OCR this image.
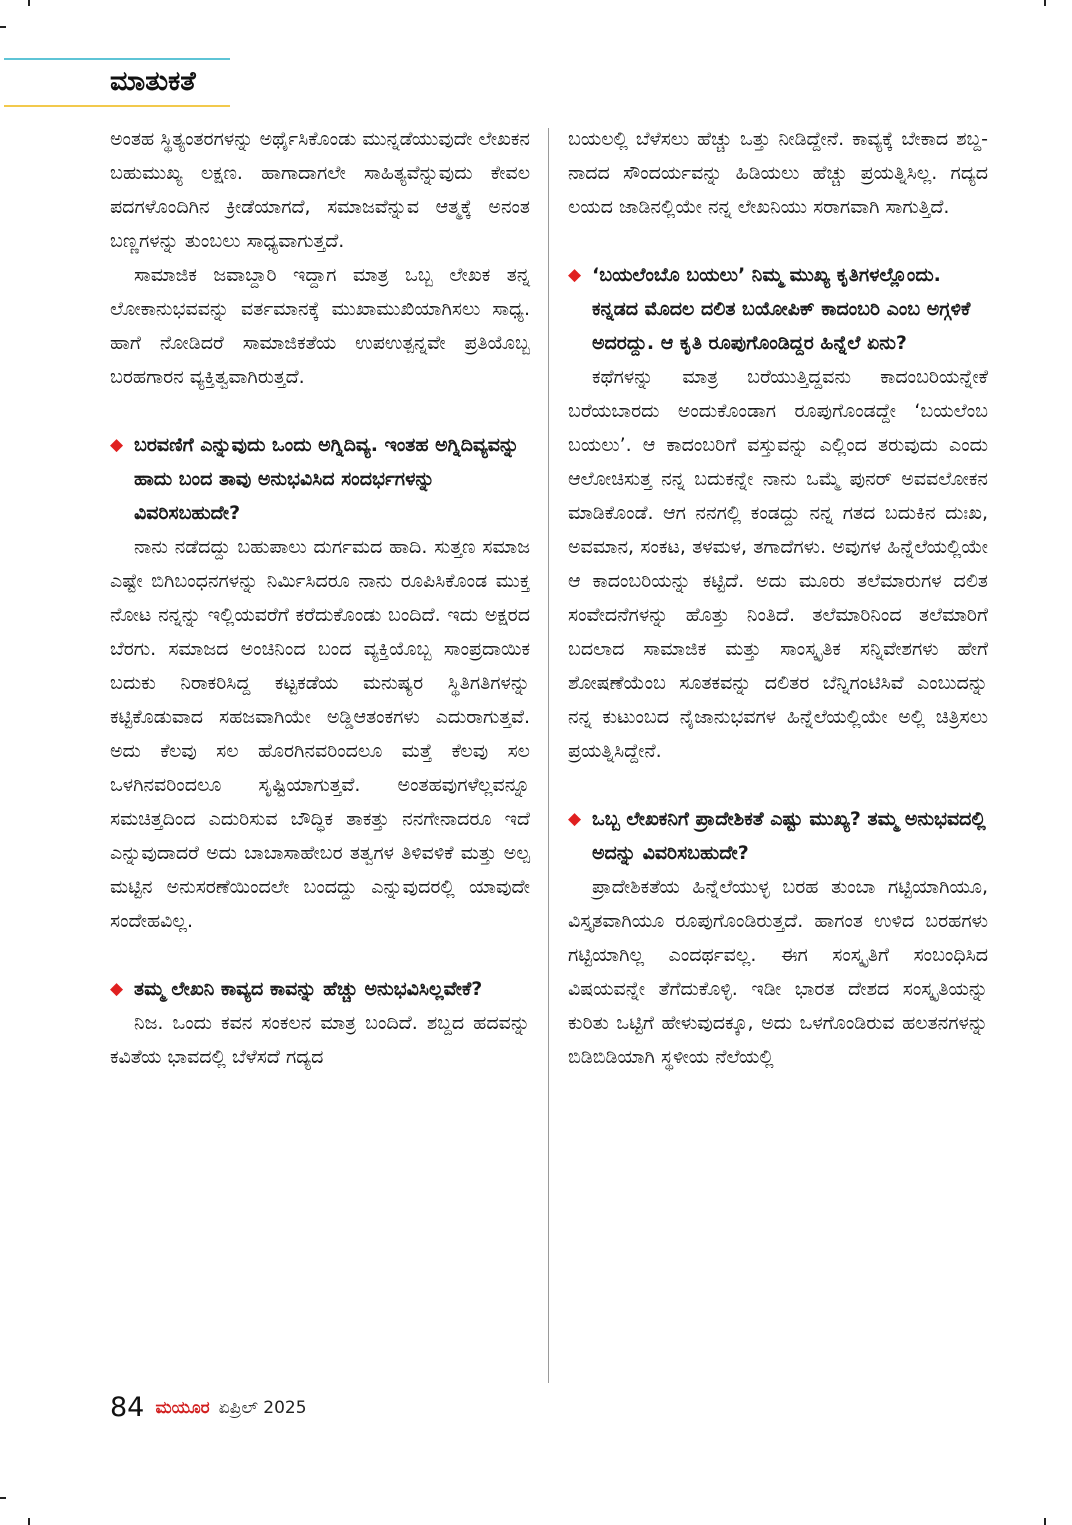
ಮಾತುಕತೆ

ಅಂತಹ ಸ್ಥಿತ್ಯಂತರಗಳನ್ನು ಅರ್ಥೈಸಿಕೊಂಡು ಮುನ್ನಡೆಯುವುದೇ ಲೇಖಕನ ಬಹುಮುಖ್ಯ ಲಕ್ಷಣ. ಹಾಗಾದಾಗಲೇ ಸಾಹಿತ್ಯವೆನ್ನುವುದು ಕೇವಲ ಪದಗಳೊಂದಿಗಿನ ಕ್ರೀಡೆಯಾಗದೆ, ಸಮಾಜವೆನ್ನುವ ಆತ್ಮಕ್ಕೆ ಅನಂತ ಬಣ್ಣಗಳನ್ನು ತುಂಬಲು ಸಾಧ್ಯವಾಗುತ್ತದೆ.

ಸಾಮಾಜಿಕ ಜವಾಬ್ದಾರಿ ಇದ್ದಾಗ ಮಾತ್ರ ಒಬ್ಬ ಲೇಖಕ ತನ್ನ ಲೋಕಾನುಭವವನ್ನು ವರ್ತಮಾನಕ್ಕೆ ಮುಖಾಮುಖಿಯಾಗಿಸಲು ಸಾಧ್ಯ. ಹಾಗೆ ನೋಡಿದರೆ ಸಾಮಾಜಿಕತೆಯ ಉಪಉತ್ಪನ್ನವೇ ಪ್ರತಿಯೊಬ್ಬ ಬರಹಗಾರನ ವ್ಯಕ್ತಿತ್ವವಾಗಿರುತ್ತದೆ.

◆ ಬರವಣಿಗೆ ಎನ್ನುವುದು ಒಂದು ಅಗ್ನಿದಿವ್ಯ. ಇಂತಹ ಅಗ್ನಿದಿವ್ಯವನ್ನು ಹಾದು ಬಂದ ತಾವು ಅನುಭವಿಸಿದ ಸಂದರ್ಭಗಳನ್ನು ವಿವರಿಸಬಹುದೇ?

ನಾನು ನಡೆದದ್ದು ಬಹುಪಾಲು ದುರ್ಗಮದ ಹಾದಿ. ಸುತ್ತಣ ಸಮಾಜ ಎಷ್ಟೇ ಬಿಗಿಬಂಧನಗಳನ್ನು ನಿರ್ಮಿಸಿದರೂ ನಾನು ರೂಪಿಸಿಕೊಂಡ ಮುಕ್ತ ನೋಟ ನನ್ನನ್ನು ಇಲ್ಲಿಯವರೆಗೆ ಕರೆದುಕೊಂಡು ಬಂದಿದೆ. ಇದು ಅಕ್ಷರದ ಬೆರಗು. ಸಮಾಜದ ಅಂಚಿನಿಂದ ಬಂದ ವ್ಯಕ್ತಿಯೊಬ್ಬ ಸಾಂಪ್ರದಾಯಿಕ ಬದುಕು ನಿರಾಕರಿಸಿದ್ದ ಕಟ್ಟಕಡೆಯ ಮನುಷ್ಯರ ಸ್ಥಿತಿಗತಿಗಳನ್ನು ಕಟ್ಟಿಕೊಡುವಾದ ಸಹಜವಾಗಿಯೇ ಅಡ್ಡಿಆತಂಕಗಳು ಎದುರಾಗುತ್ತವೆ. ಅದು ಕೆಲವು ಸಲ ಹೊರಗಿನವರಿಂದಲೂ ಮತ್ತೆ ಕೆಲವು ಸಲ ಒಳಗಿನವರಿಂದಲೂ ಸೃಷ್ಟಿಯಾಗುತ್ತವೆ. ಅಂತಹವುಗಳೆಲ್ಲವನ್ನೂ ಸಮಚಿತ್ತದಿಂದ ಎದುರಿಸುವ ಬೌದ್ಧಿಕ ತಾಕತ್ತು ನನಗೇನಾದರೂ ಇದೆ ಎನ್ನುವುದಾದರೆ ಅದು ಬಾಬಾಸಾಹೇಬರ ತತ್ವಗಳ ತಿಳಿವಳಿಕೆ ಮತ್ತು ಅಲ್ಪ ಮಟ್ಟಿನ ಅನುಸರಣೆಯಿಂದಲೇ ಬಂದದ್ದು ಎನ್ನುವುದರಲ್ಲಿ ಯಾವುದೇ ಸಂದೇಹವಿಲ್ಲ.

◆ ತಮ್ಮ ಲೇಖನಿ ಕಾವ್ಯದ ಕಾವನ್ನು ಹೆಚ್ಚು ಅನುಭವಿಸಿಲ್ಲವೇಕೆ?

ನಿಜ. ಒಂದು ಕವನ ಸಂಕಲನ ಮಾತ್ರ ಬಂದಿದೆ. ಶಬ್ದದ ಹದವನ್ನು ಕವಿತೆಯ ಭಾವದಲ್ಲಿ ಬೆಳೆಸದೆ ಗದ್ಯದ

ಬಯಲಲ್ಲಿ ಬೆಳೆಸಲು ಹೆಚ್ಚು ಒತ್ತು ನೀಡಿದ್ದೇನೆ. ಕಾವ್ಯಕ್ಕೆ ಬೇಕಾದ ಶಬ್ದ-ನಾದದ ಸೌಂದರ್ಯವನ್ನು ಹಿಡಿಯಲು ಹೆಚ್ಚು ಪ್ರಯತ್ನಿಸಿಲ್ಲ. ಗದ್ಯದ ಲಯದ ಜಾಡಿನಲ್ಲಿಯೇ ನನ್ನ ಲೇಖನಿಯು ಸರಾಗವಾಗಿ ಸಾಗುತ್ತಿದೆ.

◆ ‘ಬಯಲೆಂಬೊ ಬಯಲು’ ನಿಮ್ಮ ಮುಖ್ಯ ಕೃತಿಗಳಲ್ಲೊಂದು. ಕನ್ನಡದ ಮೊದಲ ದಲಿತ ಬಯೋಪಿಕ್ ಕಾದಂಬರಿ ಎಂಬ ಅಗ್ಗಳಿಕೆ ಅದರದ್ದು. ಆ ಕೃತಿ ರೂಪುಗೊಂಡಿದ್ದರ ಹಿನ್ನೆಲೆ ಏನು?

ಕಥೆಗಳನ್ನು ಮಾತ್ರ ಬರೆಯುತ್ತಿದ್ದವನು ಕಾದಂಬರಿಯನ್ನೇಕೆ ಬರೆಯಬಾರದು ಅಂದುಕೊಂಡಾಗ ರೂಪುಗೊಂಡದ್ದೇ ‘ಬಯಲೆಂಬ ಬಯಲು’. ಆ ಕಾದಂಬರಿಗೆ ವಸ್ತುವನ್ನು ಎಲ್ಲಿಂದ ತರುವುದು ಎಂದು ಆಲೋಚಿಸುತ್ತ ನನ್ನ ಬದುಕನ್ನೇ ನಾನು ಒಮ್ಮೆ ಪುನರ್ ಅವವಲೋಕನ ಮಾಡಿಕೊಂಡೆ. ಆಗ ನನಗಲ್ಲಿ ಕಂಡದ್ದು ನನ್ನ ಗತದ ಬದುಕಿನ ದುಃಖ, ಅವಮಾನ, ಸಂಕಟ, ತಳಮಳ, ತಗಾದೆಗಳು. ಅವುಗಳ ಹಿನ್ನೆಲೆಯಲ್ಲಿಯೇ ಆ ಕಾದಂಬರಿಯನ್ನು ಕಟ್ಟಿದೆ. ಅದು ಮೂರು ತಲೆಮಾರುಗಳ ದಲಿತ ಸಂವೇದನೆಗಳನ್ನು ಹೊತ್ತು ನಿಂತಿದೆ. ತಲೆಮಾರಿನಿಂದ ತಲೆಮಾರಿಗೆ ಬದಲಾದ ಸಾಮಾಜಿಕ ಮತ್ತು ಸಾಂಸ್ಕೃತಿಕ ಸನ್ನಿವೇಶಗಳು ಹೇಗೆ ಶೋಷಣೆಯೆಂಬ ಸೂತಕವನ್ನು ದಲಿತರ ಬೆನ್ನಿಗಂಟಿಸಿವೆ ಎಂಬುದನ್ನು ನನ್ನ ಕುಟುಂಬದ ನೈಜಾನುಭವಗಳ ಹಿನ್ನೆಲೆಯಲ್ಲಿಯೇ ಅಲ್ಲಿ ಚಿತ್ರಿಸಲು ಪ್ರಯತ್ನಿಸಿದ್ದೇನೆ.

◆ ಒಬ್ಬ ಲೇಖಕನಿಗೆ ಪ್ರಾದೇಶಿಕತೆ ಎಷ್ಟು ಮುಖ್ಯ? ತಮ್ಮ ಅನುಭವದಲ್ಲಿ ಅದನ್ನು ವಿವರಿಸಬಹುದೇ?

ಪ್ರಾದೇಶಿಕತೆಯ ಹಿನ್ನೆಲೆಯುಳ್ಳ ಬರಹ ತುಂಬಾ ಗಟ್ಟಿಯಾಗಿಯೂ, ವಿಸ್ತೃತವಾಗಿಯೂ ರೂಪುಗೊಂಡಿರುತ್ತದೆ. ಹಾಗಂತ ಉಳಿದ ಬರಹಗಳು ಗಟ್ಟಿಯಾಗಿಲ್ಲ ಎಂದರ್ಥವಲ್ಲ. ಈಗ ಸಂಸ್ಕೃತಿಗೆ ಸಂಬಂಧಿಸಿದ ವಿಷಯವನ್ನೇ ತೆಗೆದುಕೊಳ್ಳಿ. ಇಡೀ ಭಾರತ ದೇಶದ ಸಂಸ್ಕೃತಿಯನ್ನು ಕುರಿತು ಒಟ್ಟಿಗೆ ಹೇಳುವುದಕ್ಕೂ, ಅದು ಒಳಗೊಂಡಿರುವ ಹಲತನಗಳನ್ನು ಬಿಡಿಬಿಡಿಯಾಗಿ ಸ್ಥಳೀಯ ನೆಲೆಯಲ್ಲಿ

84 ಮಯೂರ ಏಪ್ರಿಲ್ 2025
